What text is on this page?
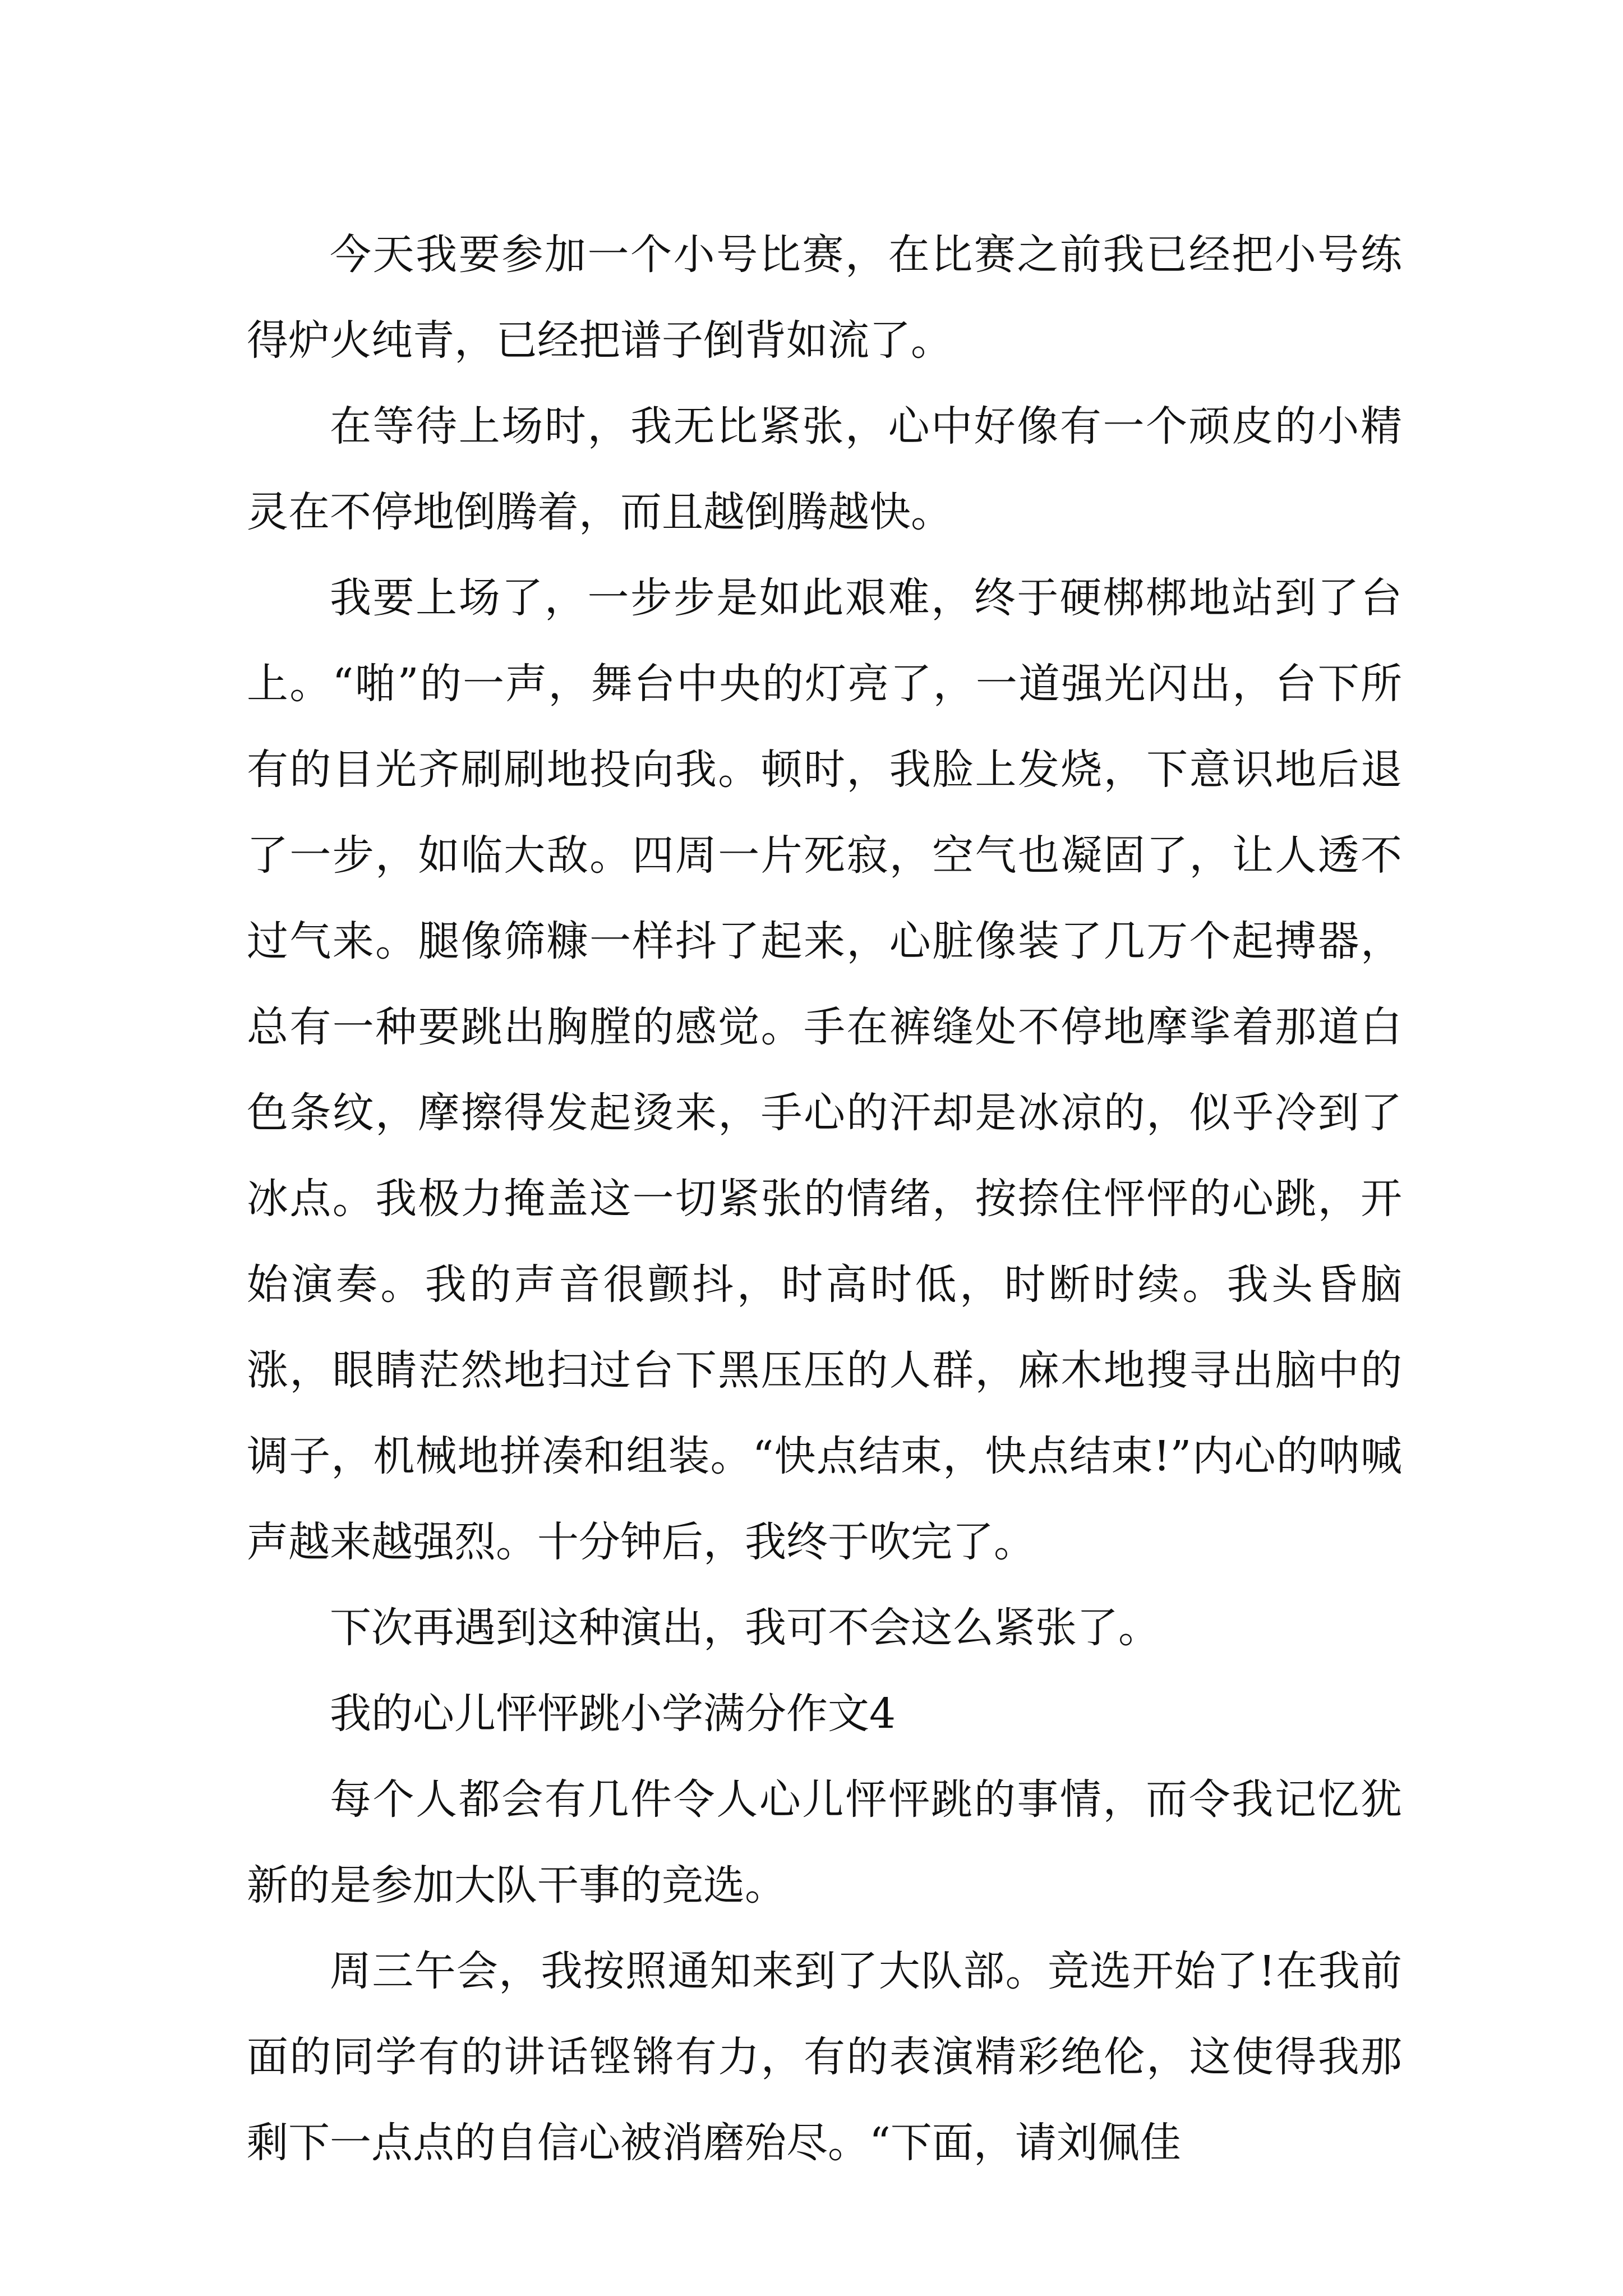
今天我要参加一个小号比赛，在比赛之前我已经把小号练得炉火纯青，已经把谱子倒背如流了。

在等待上场时，我无比紧张，心中好像有一个顽皮的小精灵在不停地倒腾着，而且越倒腾越快。

我要上场了，一步步是如此艰难，终于硬梆梆地站到了台上。“啪”的一声，舞台中央的灯亮了，一道强光闪出，台下所有的目光齐刷刷地投向我。顿时，我脸上发烧，下意识地后退了一步，如临大敌。四周一片死寂，空气也凝固了，让人透不过气来。腿像筛糠一样抖了起来，心脏像装了几万个起搏器，总有一种要跳出胸膛的感觉。手在裤缝处不停地摩挲着那道白色条纹，摩擦得发起烫来，手心的汗却是冰凉的，似乎冷到了冰点。我极力掩盖这一切紧张的情绪，按捺住怦怦的心跳，开始演奏。我的声音很颤抖，时高时低，时断时续。我头昏脑涨，眼睛茫然地扫过台下黑压压的人群，麻木地搜寻出脑中的调子，机械地拼凑和组装。“快点结束，快点结束!”内心的呐喊声越来越强烈。十分钟后，我终于吹完了。

下次再遇到这种演出，我可不会这么紧张了。

我的心儿怦怦跳小学满分作文4

每个人都会有几件令人心儿怦怦跳的事情，而令我记忆犹新的是参加大队干事的竞选。

周三午会，我按照通知来到了大队部。竞选开始了!在我前面的同学有的讲话铿锵有力，有的表演精彩绝伦，这使得我那剩下一点点的自信心被消磨殆尽。“下面，请刘佩佳
